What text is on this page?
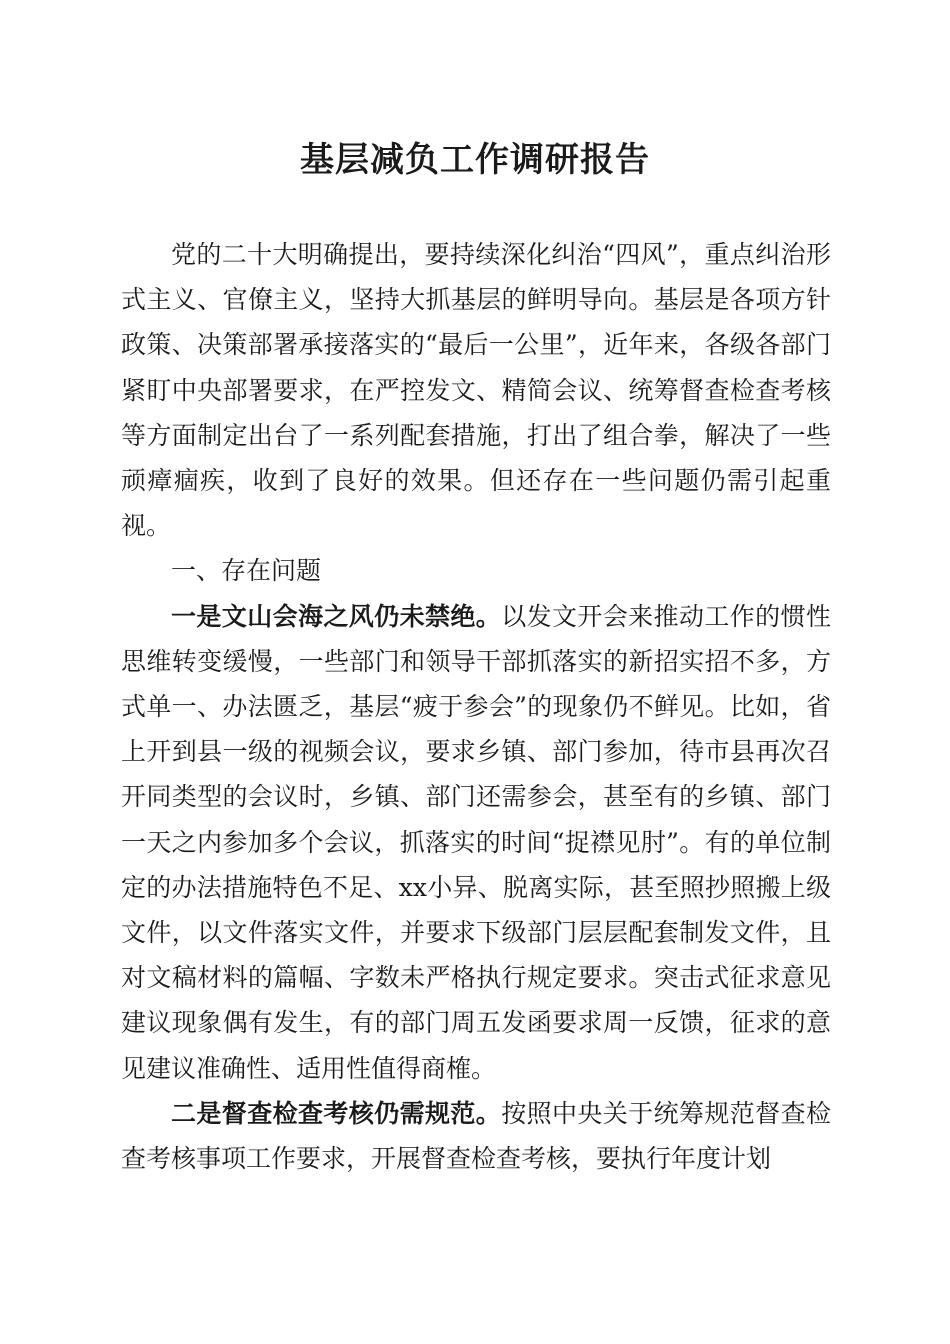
基层减负工作调研报告

党的二十大明确提出，要持续深化纠治“四风”，重点纠治形式主义、官僚主义，坚持大抓基层的鲜明导向。基层是各项方针政策、决策部署承接落实的“最后一公里”，近年来，各级各部门紧盯中央部署要求，在严控发文、精简会议、统筹督查检查考核等方面制定出台了一系列配套措施，打出了组合拳，解决了一些顽瘴痼疾，收到了良好的效果。但还存在一些问题仍需引起重视。

一、存在问题

一是文山会海之风仍未禁绝。以发文开会来推动工作的惯性思维转变缓慢，一些部门和领导干部抓落实的新招实招不多，方式单一、办法匮乏，基层“疲于参会”的现象仍不鲜见。比如，省上开到县一级的视频会议，要求乡镇、部门参加，待市县再次召开同类型的会议时，乡镇、部门还需参会，甚至有的乡镇、部门一天之内参加多个会议，抓落实的时间“捉襟见肘”。有的单位制定的办法措施特色不足、xx小异、脱离实际，甚至照抄照搬上级文件，以文件落实文件，并要求下级部门层层配套制发文件，且对文稿材料的篇幅、字数未严格执行规定要求。突击式征求意见建议现象偶有发生，有的部门周五发函要求周一反馈，征求的意见建议准确性、适用性值得商榷。

二是督查检查考核仍需规范。按照中央关于统筹规范督查检查考核事项工作要求，开展督查检查考核，要执行年度计划
